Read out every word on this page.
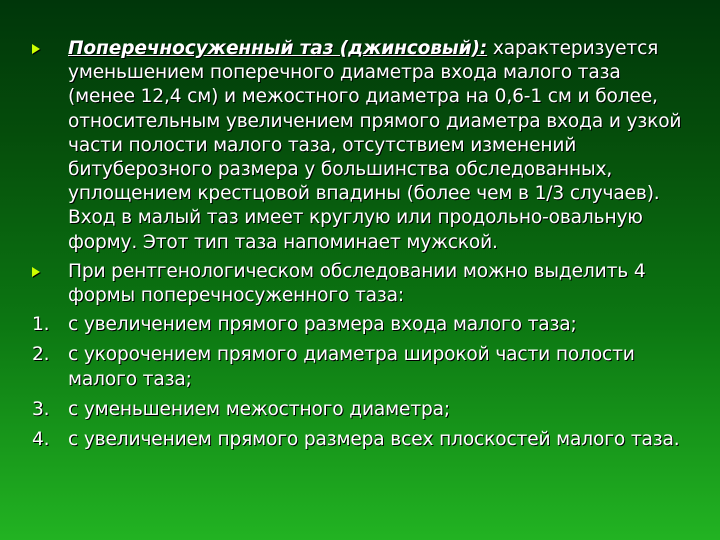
Поперечносуженный таз (джинсовый): характеризуется уменьшением поперечного диаметра входа малого таза (менее 12,4 см) и межостного диаметра на 0,6-1 см и более, относительным увеличением прямого диаметра входа и узкой части полости малого таза, отсутствием изменений битуберозного размера у большинства обследованных, уплощением крестцовой впадины (более чем в 1/3 случаев). Вход в малый таз имеет круглую или продольно-овальную форму. Этот тип таза напоминает мужской.
При рентгенологическом обследовании можно выделить 4 формы поперечносуженного таза:
1. с увеличением прямого размера входа малого таза;
2. с укорочением прямого диаметра широкой части полости малого таза;
3. с уменьшением межостного диаметра;
4. с увеличением прямого размера всех плоскостей малого таза.
